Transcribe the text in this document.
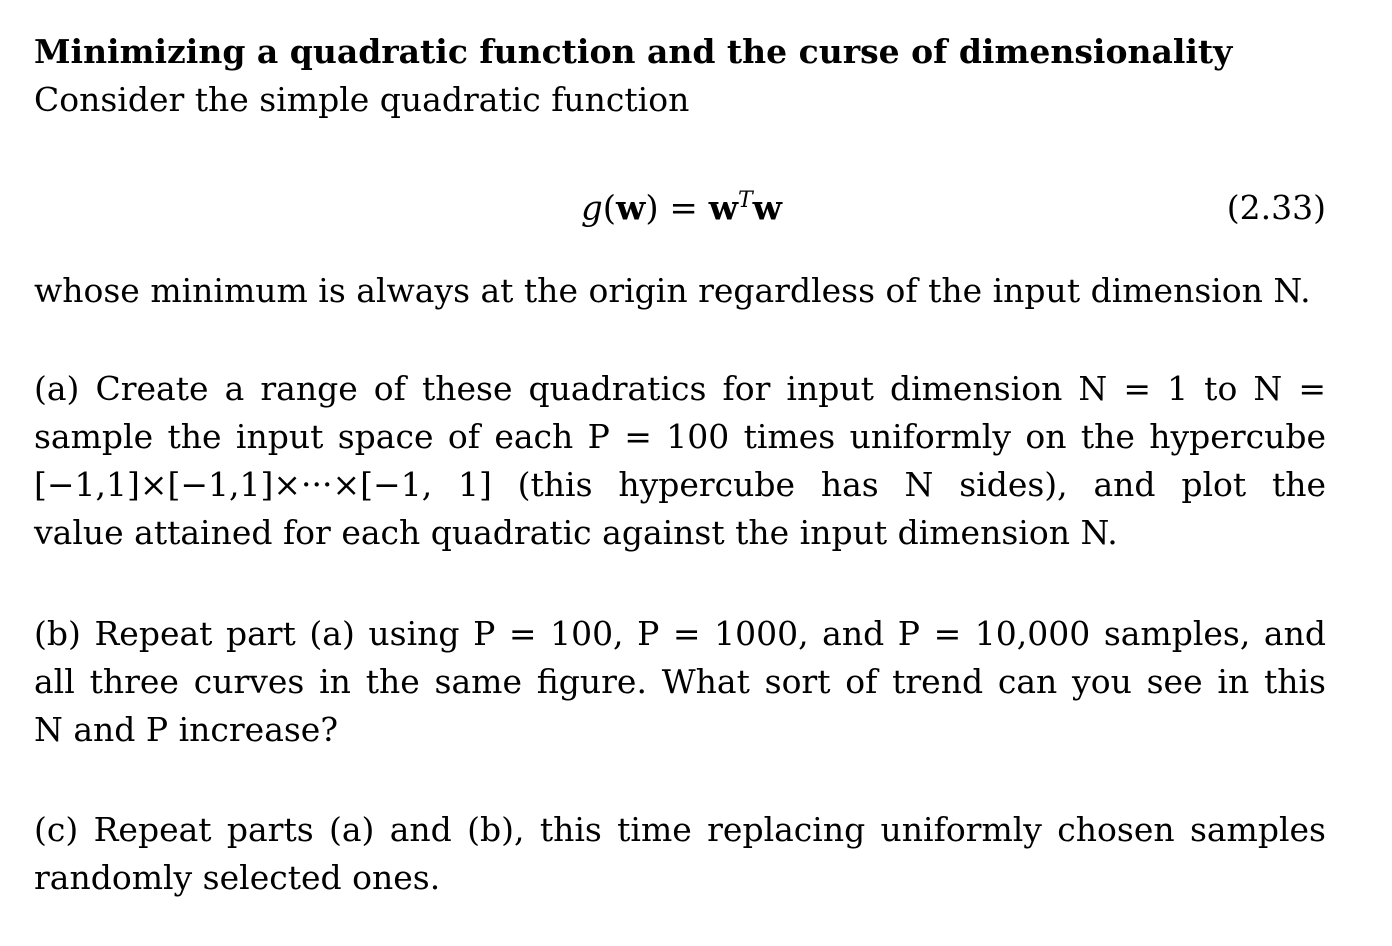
Minimizing a quadratic function and the curse of dimensionality

Consider the simple quadratic function

$g(w) = w^Tw$	(2.33)

whose minimum is always at the origin regardless of the input dimension N.

(a) Create a range of these quadratics for input dimension N = 1 to N =
sample the input space of each P = 100 times uniformly on the hypercube
[−1,1]×[−1,1]×···×[−1, 1] (this hypercube has N sides), and plot the
value attained for each quadratic against the input dimension N.
(b) Repeat part (a) using P = 100, P = 1000, and P = 10,000 samples, and
all three curves in the same figure. What sort of trend can you see in this
N and P increase?
(c) Repeat parts (a) and (b), this time replacing uniformly chosen samples
randomly selected ones.
